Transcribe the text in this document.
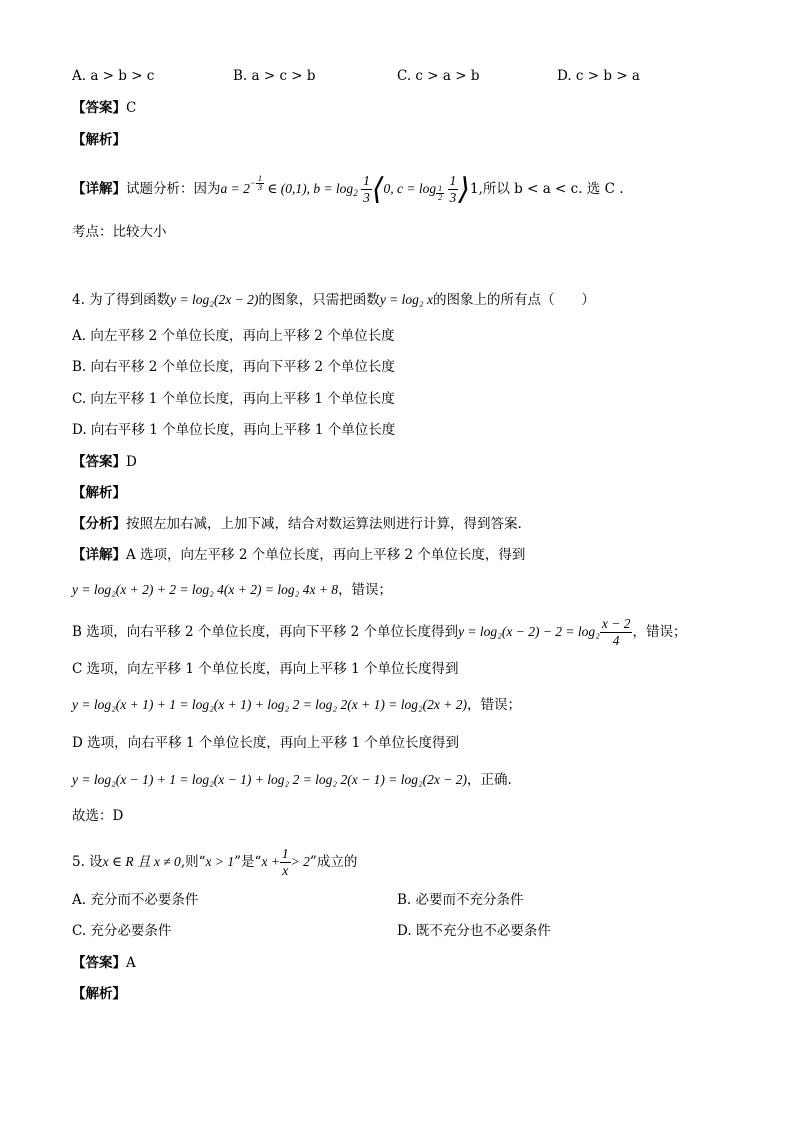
A. a > b > c	B. a > c > b	C. c > a > b	D. c > b > a
【答案】C
【解析】
【详解】试题分析：因为$a = 2^{- \frac{1}{3}}$ ∈ (0,1), $b = \log_2 \frac{1}{3}$ ⟨0, c = log $_{\frac{1}{2}}$
$\frac{1}{3}$ ⟩1,所以 b < a < c. 选 C .
考点：比较大小
4. 为了得到函数y = log₂(2x − 2)的图象，只需把函数y = log₂ x的图象上的所有点（　　）
A. 向左平移 2 个单位长度，再向上平移 2 个单位长度
B. 向右平移 2 个单位长度，再向下平移 2 个单位长度
C. 向左平移 1 个单位长度，再向上平移 1 个单位长度
D. 向右平移 1 个单位长度，再向上平移 1 个单位长度
【答案】D
【解析】
【分析】按照左加右减，上加下减，结合对数运算法则进行计算，得到答案.
【详解】A 选项，向左平移 2 个单位长度，再向上平移 2 个单位长度，得到
y = log₂(x + 2) + 2 = log₂ 4(x + 2) = log₂ 4x + 8，错误；
B 选项，向右平移 2 个单位长度，再向下平移 2 个单位长度得到$y = \log_2(x - 2) - 2 = \log_2 \frac{x - 2}{4}$ ，错误；
C 选项，向左平移 1 个单位长度，再向上平移 1 个单位长度得到
y = log₂(x + 1) + 1 = log₂(x + 1) + log₂ 2 = log₂ 2(x + 1) = log₂(2x + 2)，错误；
D 选项，向右平移 1 个单位长度，再向上平移 1 个单位长度得到
y = log₂(x − 1) + 1 = log₂(x − 1) + log₂ 2 = log₂ 2(x − 1) = log₂(2x − 2)，正确.
故选：D
5. 设x ∈ R 且 x ≠ 0,则“x > 1”是“$x + \frac{1}{x} > 2$”成立的
A. 充分而不必要条件	B. 必要而不充分条件
C. 充分必要条件	D. 既不充分也不必要条件
【答案】A
【解析】
